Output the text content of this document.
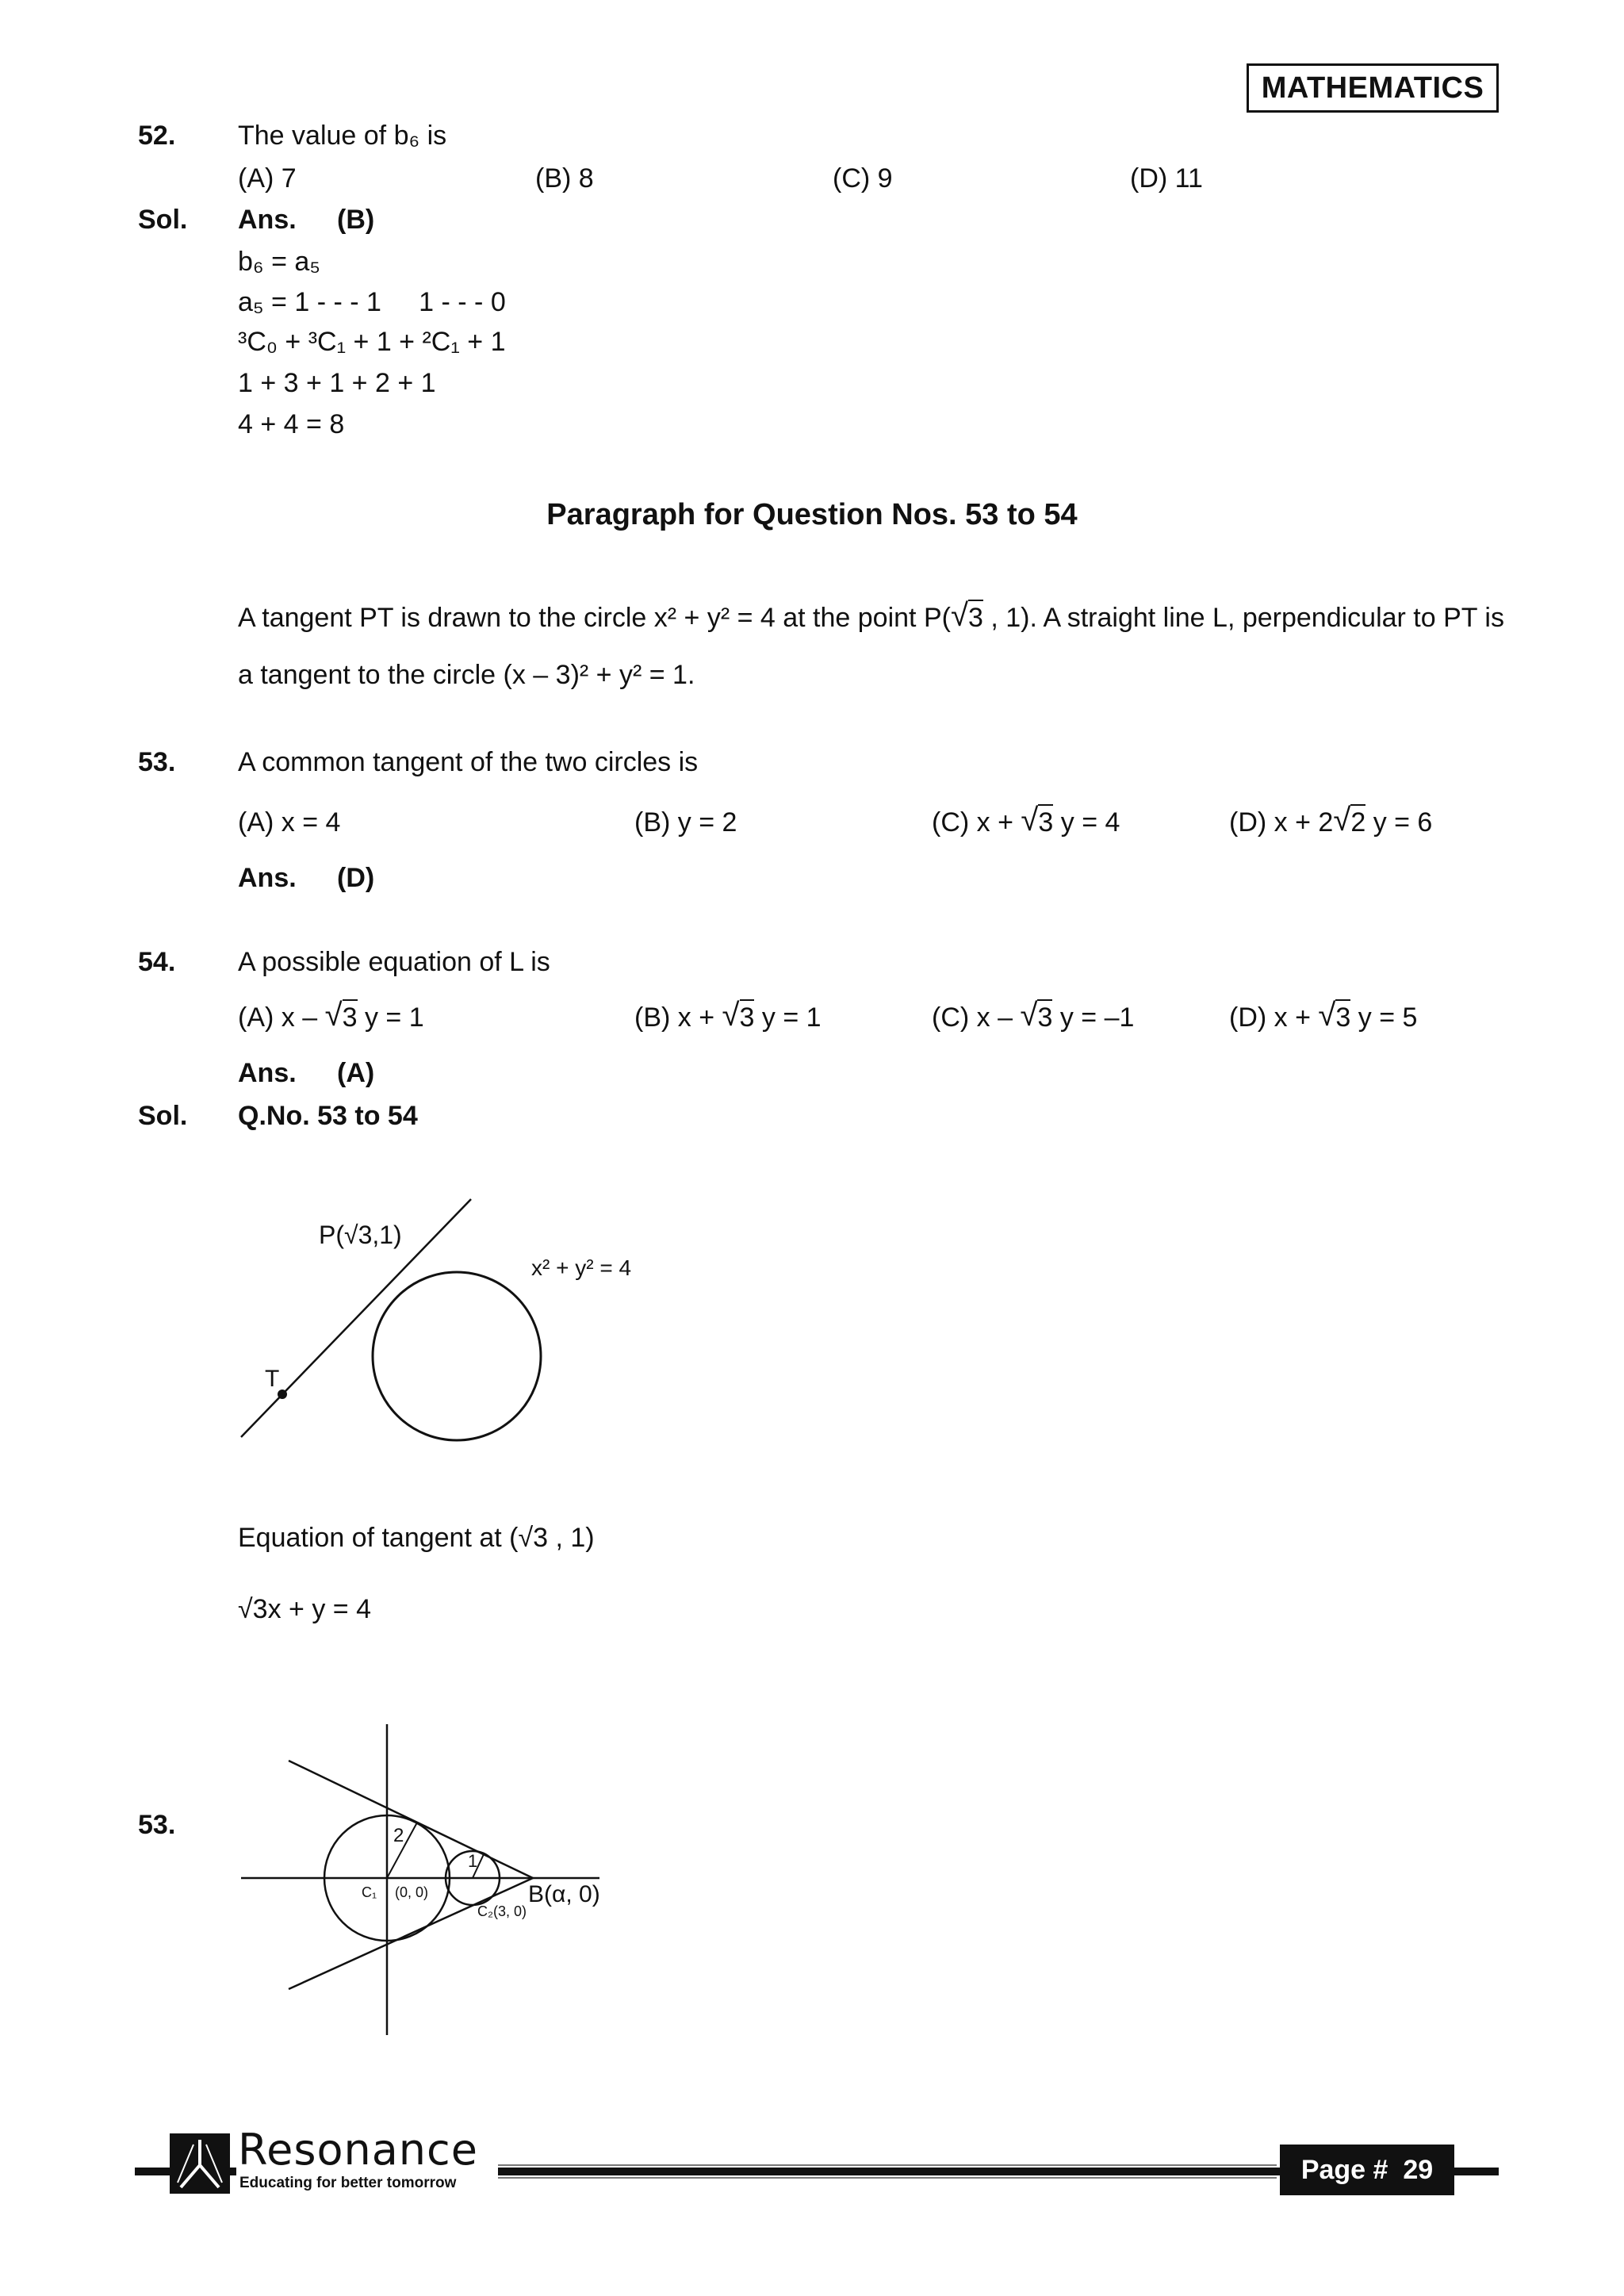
MATHEMATICS
52. The value of b₆ is
(A) 7	(B) 8	(C) 9	(D) 11
Sol. Ans. (B)
b₆ = a₅
a₅ = 1 - - - 1     1 - - - 0
³C₀ + ³C₁ + 1 + ²C₁ + 1
1 + 3 + 1 + 2 + 1
4 + 4 = 8
Paragraph for Question Nos. 53 to 54
A tangent PT is drawn to the circle x² + y² = 4 at the point P( √ 3 , 1). A straight line L, perpendicular to PT is
a tangent to the circle (x – 3)² + y² = 1.
53. A common tangent of the two circles is
(A) x = 4	(B) y = 2	(C) x + √ 3 y = 4	(D) x + 2 √ 2 y = 6
Ans. (D)
54. A possible equation of L is
(A) x – √ 3 y = 1	(B) x + √ 3 y = 1	(C) x – √ 3 y = –1	(D) x + √ 3 y = 5
Ans. (A)
Sol. Q.No. 53 to 54
T
P(√3,1)
x² + y² = 4
Equation of tangent at (√3 , 1)
√3x + y = 4
53.	2
1
C₁ (0, 0)
C₂(3, 0)
B(α, 0)
Resonance
Educating for better tomorrow	Page #  29
